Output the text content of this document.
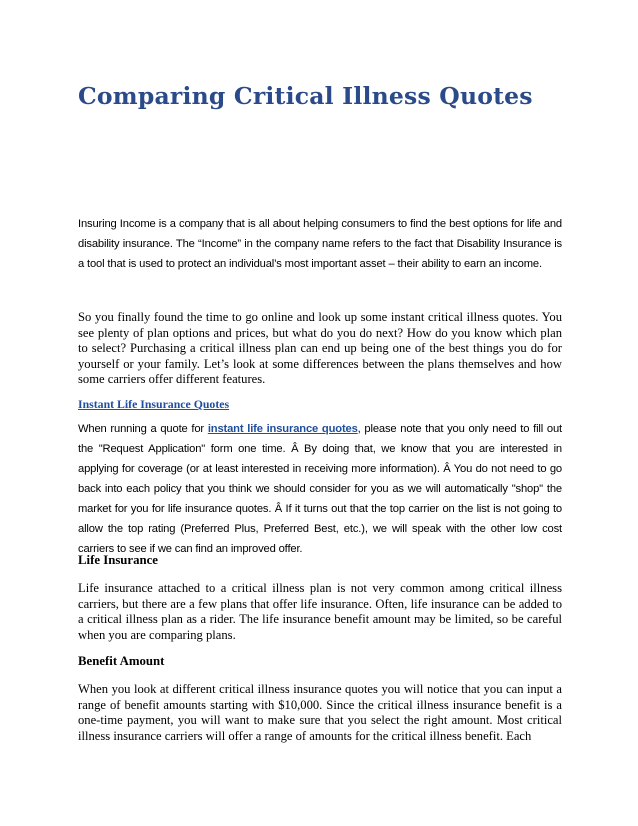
Comparing Critical Illness Quotes

Insuring Income is a company that is all about helping consumers to find the best options for life and disability insurance. The “Income” in the company name refers to the fact that Disability Insurance is a tool that is used to protect an individual’s most important asset – their ability to earn an income.

So you finally found the time to go online and look up some instant critical illness quotes. You see plenty of plan options and prices, but what do you do next? How do you know which plan to select? Purchasing a critical illness plan can end up being one of the best things you do for yourself or your family. Let’s look at some differences between the plans themselves and how some carriers offer different features.

Instant Life Insurance Quotes

When running a quote for instant life insurance quotes, please note that you only need to fill out the "Request Application" form one time. Â By doing that, we know that you are interested in applying for coverage (or at least interested in receiving more information). Â You do not need to go back into each policy that you think we should consider for you as we will automatically "shop" the market for you for life insurance quotes. Â If it turns out that the top carrier on the list is not going to allow the top rating (Preferred Plus, Preferred Best, etc.), we will speak with the other low cost carriers to see if we can find an improved offer.

Life Insurance

Life insurance attached to a critical illness plan is not very common among critical illness carriers, but there are a few plans that offer life insurance. Often, life insurance can be added to a critical illness plan as a rider. The life insurance benefit amount may be limited, so be careful when you are comparing plans.

Benefit Amount

When you look at different critical illness insurance quotes you will notice that you can input a range of benefit amounts starting with $10,000. Since the critical illness insurance benefit is a one-time payment, you will want to make sure that you select the right amount. Most critical illness insurance carriers will offer a range of amounts for the critical illness benefit. Each
